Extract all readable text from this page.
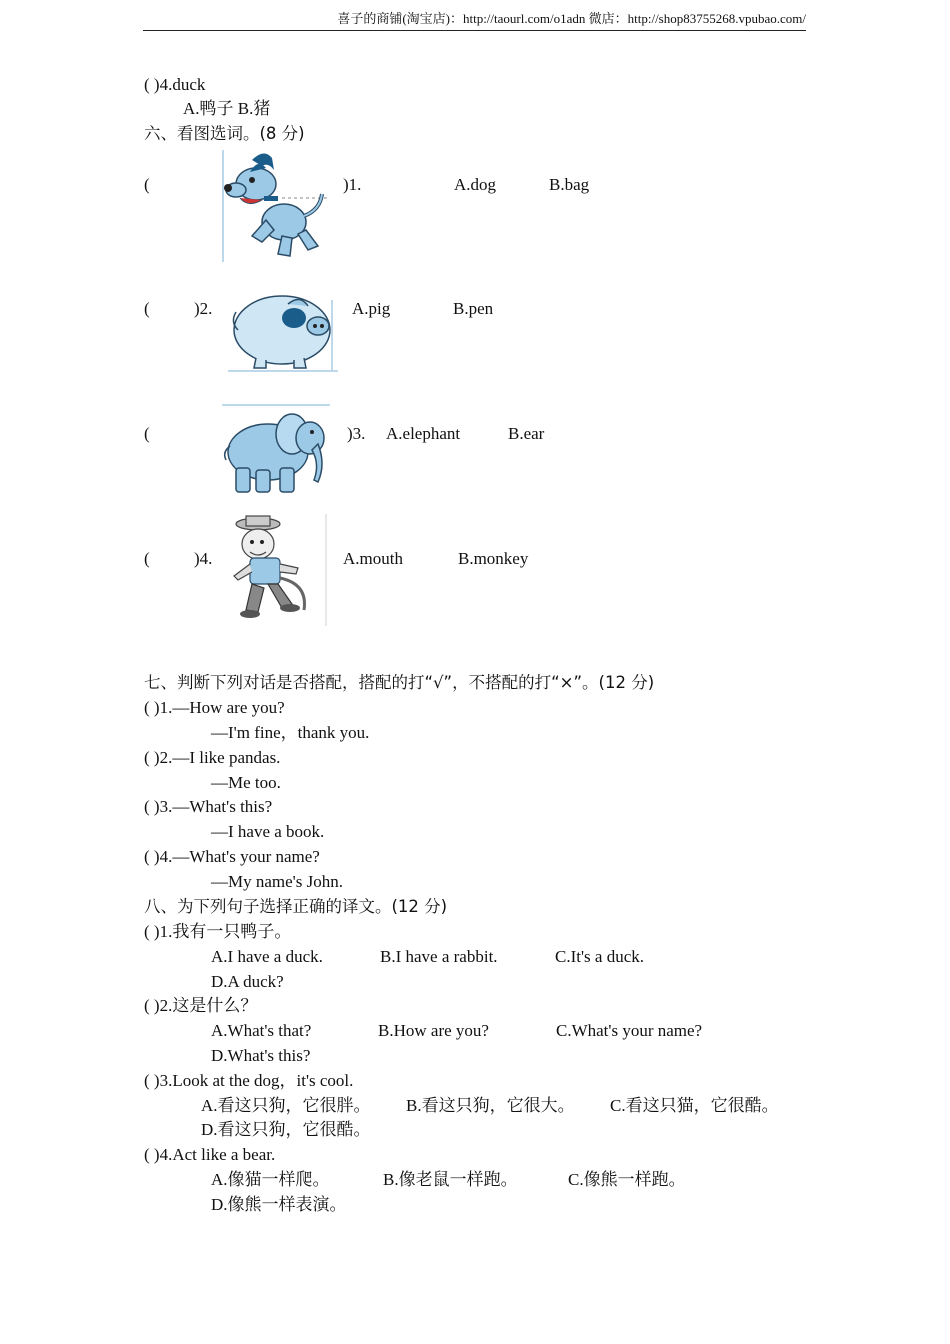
喜子的商铺(淘宝店)：http://taourl.com/o1adn 微店：http://shop83755268.vpubao.com/
( )4.duck
A.鸭子 B.猪
六、看图选词。(8 分)
(	)1.	A.dog	B.bag
(	)2.	A.pig	B.pen
(	)3. A.elephant	B.ear
(	)4.	A.mouth	B.monkey
七、判断下列对话是否搭配，搭配的打“√”，不搭配的打“×”。(12 分)
( )1.—How are you?
—I'm fine，thank you.
( )2.—I like pandas.
—Me too.
( )3.—What's this?
—I have a book.
( )4.—What's your name?
—My name's John.
八、为下列句子选择正确的译文。(12 分)
( )1.我有一只鸭子。
A.I have a duck.	B.I have a rabbit.	C.It's a duck.
D.A duck?
( )2.这是什么？
A.What's that?	B.How are you?	C.What's your name?
D.What's this?
( )3.Look at the dog，it's cool.
A.看这只狗，它很胖。 B.看这只狗，它很大。 C.看这只猫，它很酷。
D.看这只狗，它很酷。
( )4.Act like a bear.
A.像猫一样爬。	B.像老鼠一样跑。	C.像熊一样跑。
D.像熊一样表演。
